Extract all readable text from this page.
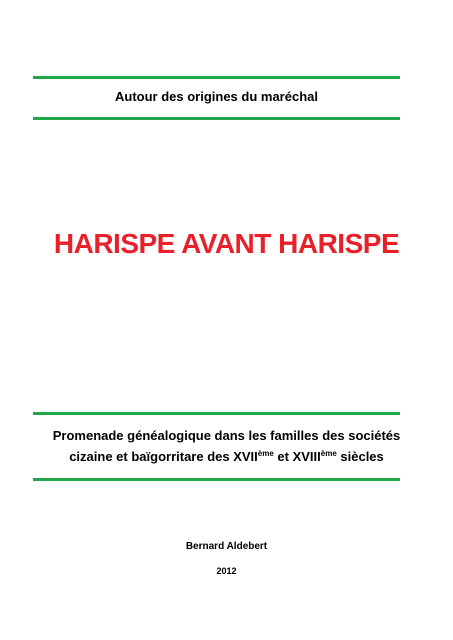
Autour des origines du maréchal
HARISPE AVANT HARISPE
Promenade généalogique dans les familles des sociétés
cizaine et baïgorritare des XVIIème et XVIIIème siècles
Bernard Aldebert
2012
